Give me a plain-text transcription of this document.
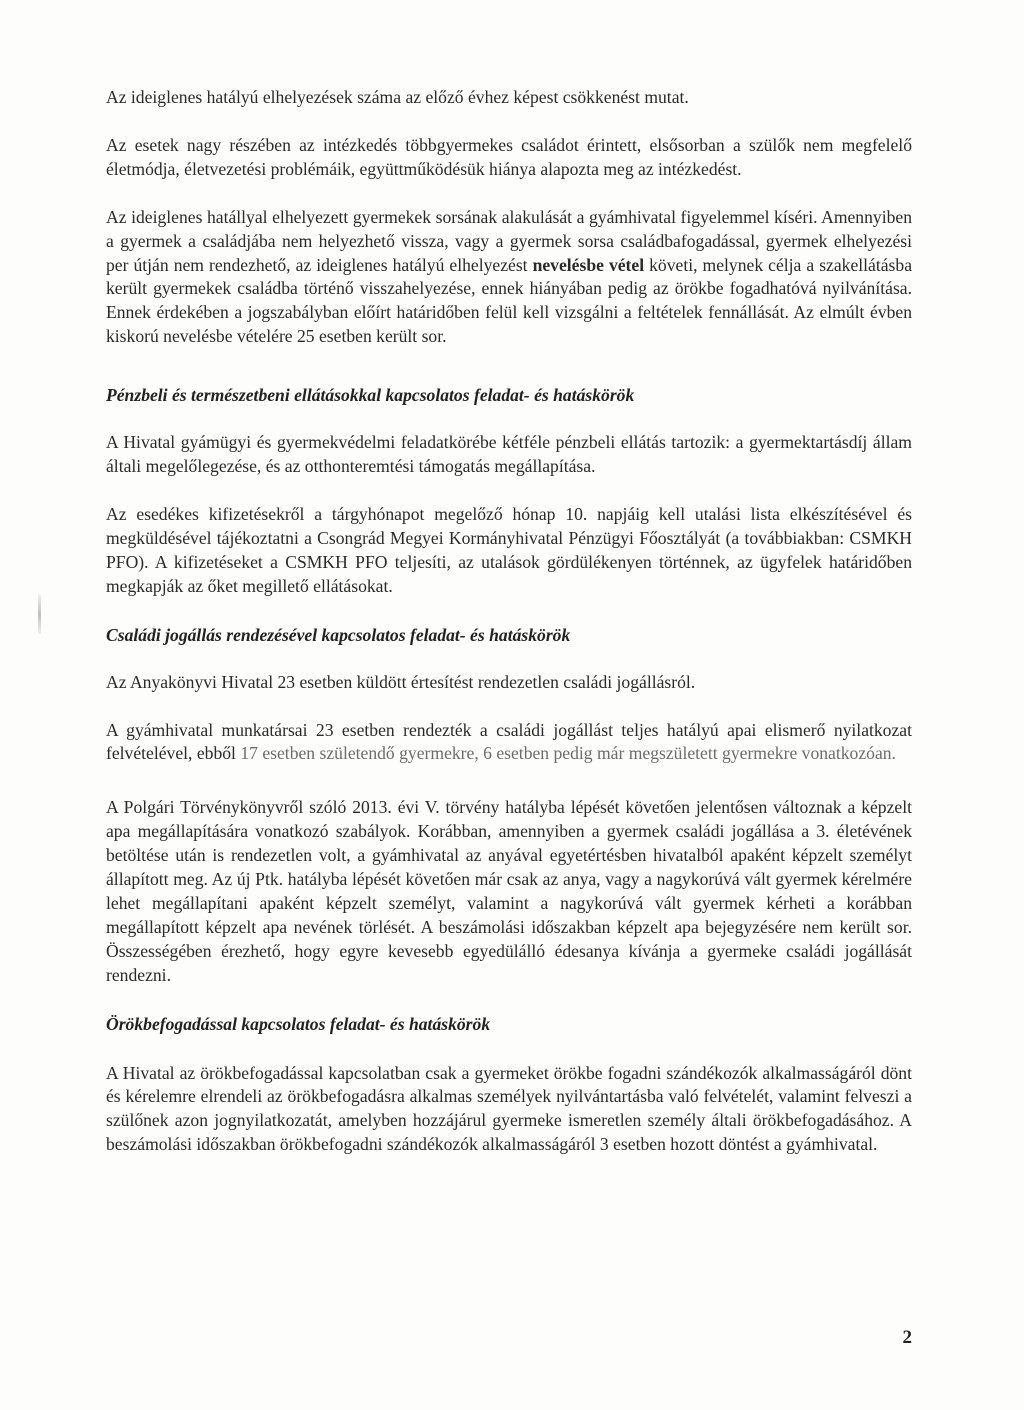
Az ideiglenes hatályú elhelyezések száma az előző évhez képest csökkenést mutat.

Az esetek nagy részében az intézkedés többgyermekes családot érintett, elsősorban a szülők nem megfelelő életmódja, életvezetési problémáik, együttműködésük hiánya alapozta meg az intézkedést.

Az ideiglenes hatállyal elhelyezett gyermekek sorsának alakulását a gyámhivatal figyelemmel kíséri. Amennyiben a gyermek a családjába nem helyezhető vissza, vagy a gyermek sorsa családbafogadással, gyermek elhelyezési per útján nem rendezhető, az ideiglenes hatályú elhelyezést nevelésbe vétel követi, melynek célja a szakellátásba került gyermekek családba történő visszahelyezése, ennek hiányában pedig az örökbe fogadhatóvá nyilvánítása. Ennek érdekében a jogszabályban előírt határidőben felül kell vizsgálni a feltételek fennállását. Az elmúlt évben kiskorú nevelésbe vételére 25 esetben került sor.

Pénzbeli és természetbeni ellátásokkal kapcsolatos feladat- és hatáskörök

A Hivatal gyámügyi és gyermekvédelmi feladatkörébe kétféle pénzbeli ellátás tartozik: a gyermektartásdíj állam általi megelőlegezése, és az otthonteremtési támogatás megállapítása.

Az esedékes kifizetésekről a tárgyhónapot megelőző hónap 10. napjáig kell utalási lista elkészítésével és megküldésével tájékoztatni a Csongrád Megyei Kormányhivatal Pénzügyi Főosztályát (a továbbiakban: CSMKH PFO). A kifizetéseket a CSMKH PFO teljesíti, az utalások gördülékenyen történnek, az ügyfelek határidőben megkapják az őket megillető ellátásokat.

Családi jogállás rendezésével kapcsolatos feladat- és hatáskörök

Az Anyakönyvi Hivatal 23 esetben küldött értesítést rendezetlen családi jogállásról.

A gyámhivatal munkatársai 23 esetben rendezték a családi jogállást teljes hatályú apai elismerő nyilatkozat felvételével, ebből 17 esetben születendő gyermekre, 6 esetben pedig már megszületett gyermekre vonatkozóan.

A Polgári Törvénykönyvről szóló 2013. évi V. törvény hatályba lépését követően jelentősen változnak a képzelt apa megállapítására vonatkozó szabályok. Korábban, amennyiben a gyermek családi jogállása a 3. életévének betöltése után is rendezetlen volt, a gyámhivatal az anyával egyetértésben hivatalból apaként képzelt személyt állapított meg. Az új Ptk. hatályba lépését követően már csak az anya, vagy a nagykorúvá vált gyermek kérelmére lehet megállapítani apaként képzelt személyt, valamint a nagykorúvá vált gyermek kérheti a korábban megállapított képzelt apa nevének törlését. A beszámolási időszakban képzelt apa bejegyzésére nem került sor. Összességében érezhető, hogy egyre kevesebb egyedülálló édesanya kívánja a gyermeke családi jogállását rendezni.

Örökbefogadással kapcsolatos feladat- és hatáskörök

A Hivatal az örökbefogadással kapcsolatban csak a gyermeket örökbe fogadni szándékozók alkalmasságáról dönt és kérelemre elrendeli az örökbefogadásra alkalmas személyek nyilvántartásba való felvételét, valamint felveszi a szülőnek azon jognyilatkozatát, amelyben hozzájárul gyermeke ismeretlen személy általi örökbefogadásához. A beszámolási időszakban örökbefogadni szándékozók alkalmasságáról 3 esetben hozott döntést a gyámhivatal.

2
